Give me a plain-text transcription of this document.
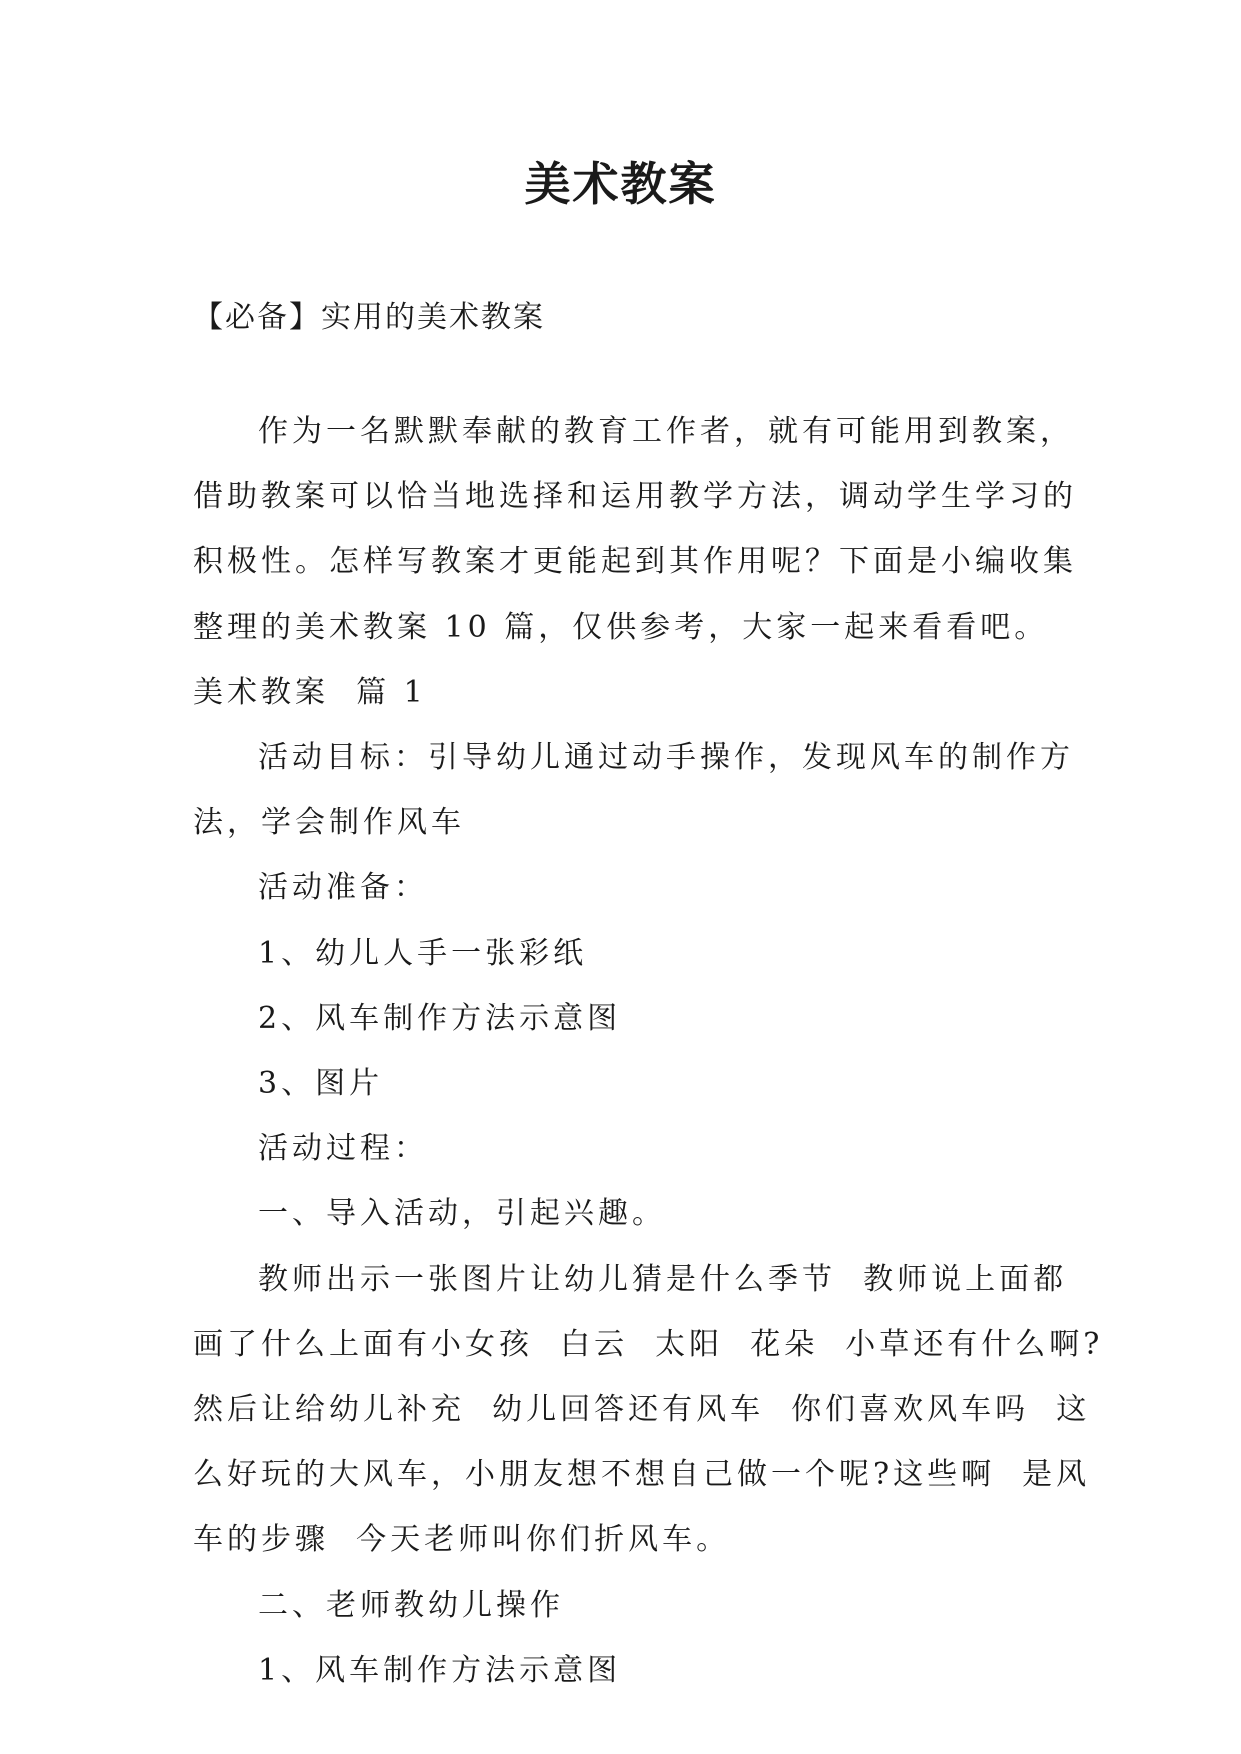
美术教案

【必备】实用的美术教案

作为一名默默奉献的教育工作者，就有可能用到教案，

借助教案可以恰当地选择和运用教学方法，调动学生学习的

积极性。怎样写教案才更能起到其作用呢？下面是小编收集

整理的美术教案 10 篇，仅供参考，大家一起来看看吧。

美术教案  篇 1

活动目标：引导幼儿通过动手操作，发现风车的制作方

法，学会制作风车

活动准备：

1、幼儿人手一张彩纸

2、风车制作方法示意图

3、图片

活动过程：

一、导入活动，引起兴趣。

教师出示一张图片让幼儿猜是什么季节  教师说上面都

画了什么上面有小女孩  白云  太阳  花朵  小草还有什么啊?

然后让给幼儿补充  幼儿回答还有风车  你们喜欢风车吗  这

么好玩的大风车，小朋友想不想自己做一个呢?这些啊  是风

车的步骤  今天老师叫你们折风车。

二、老师教幼儿操作

1、风车制作方法示意图
